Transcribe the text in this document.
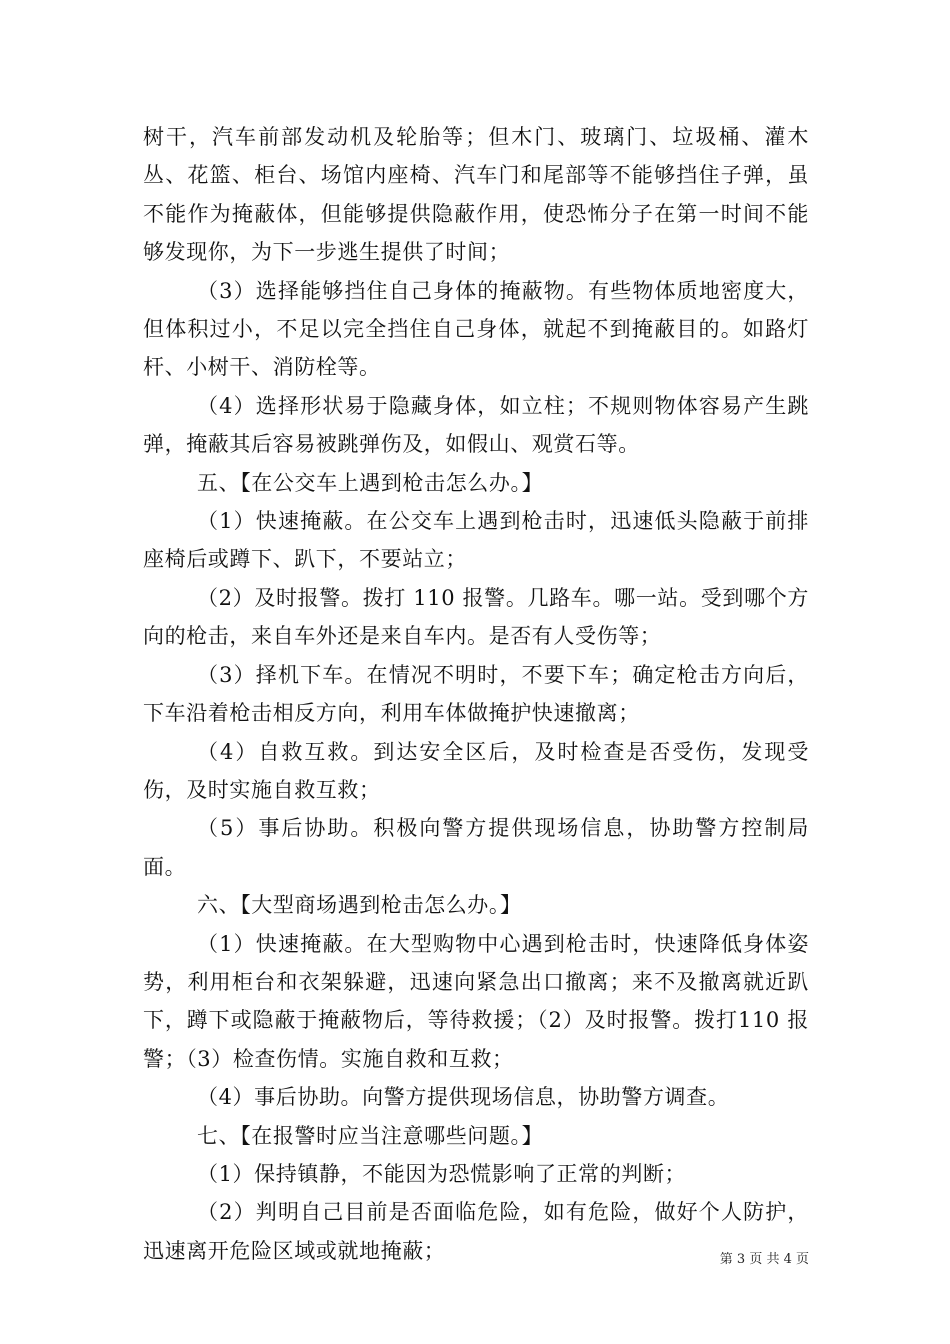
树干，汽车前部发动机及轮胎等；但木门、玻璃门、垃圾桶、灌木丛、花篮、柜台、场馆内座椅、汽车门和尾部等不能够挡住子弹，虽不能作为掩蔽体，但能够提供隐蔽作用，使恐怖分子在第一时间不能够发现你，为下一步逃生提供了时间；

（3）选择能够挡住自己身体的掩蔽物。有些物体质地密度大，但体积过小，不足以完全挡住自己身体，就起不到掩蔽目的。如路灯杆、小树干、消防栓等。

（4）选择形状易于隐藏身体，如立柱；不规则物体容易产生跳弹，掩蔽其后容易被跳弹伤及，如假山、观赏石等。

五、【在公交车上遇到枪击怎么办。】

（1）快速掩蔽。在公交车上遇到枪击时，迅速低头隐蔽于前排座椅后或蹲下、趴下，不要站立；

（2）及时报警。拨打 110 报警。几路车。哪一站。受到哪个方向的枪击，来自车外还是来自车内。是否有人受伤等；

（3）择机下车。在情况不明时，不要下车；确定枪击方向后，下车沿着枪击相反方向，利用车体做掩护快速撤离；

（4）自救互救。到达安全区后，及时检查是否受伤，发现受伤，及时实施自救互救；

（5）事后协助。积极向警方提供现场信息，协助警方控制局面。

六、【大型商场遇到枪击怎么办。】

（1）快速掩蔽。在大型购物中心遇到枪击时，快速降低身体姿势，利用柜台和衣架躲避，迅速向紧急出口撤离；来不及撤离就近趴下，蹲下或隐蔽于掩蔽物后，等待救援；（2）及时报警。拨打110 报警；（3）检查伤情。实施自救和互救；

（4）事后协助。向警方提供现场信息，协助警方调查。

七、【在报警时应当注意哪些问题。】

（1）保持镇静，不能因为恐慌影响了正常的判断；

（2）判明自己目前是否面临危险，如有危险，做好个人防护，迅速离开危险区域或就地掩蔽；	第 3 页 共 4 页
